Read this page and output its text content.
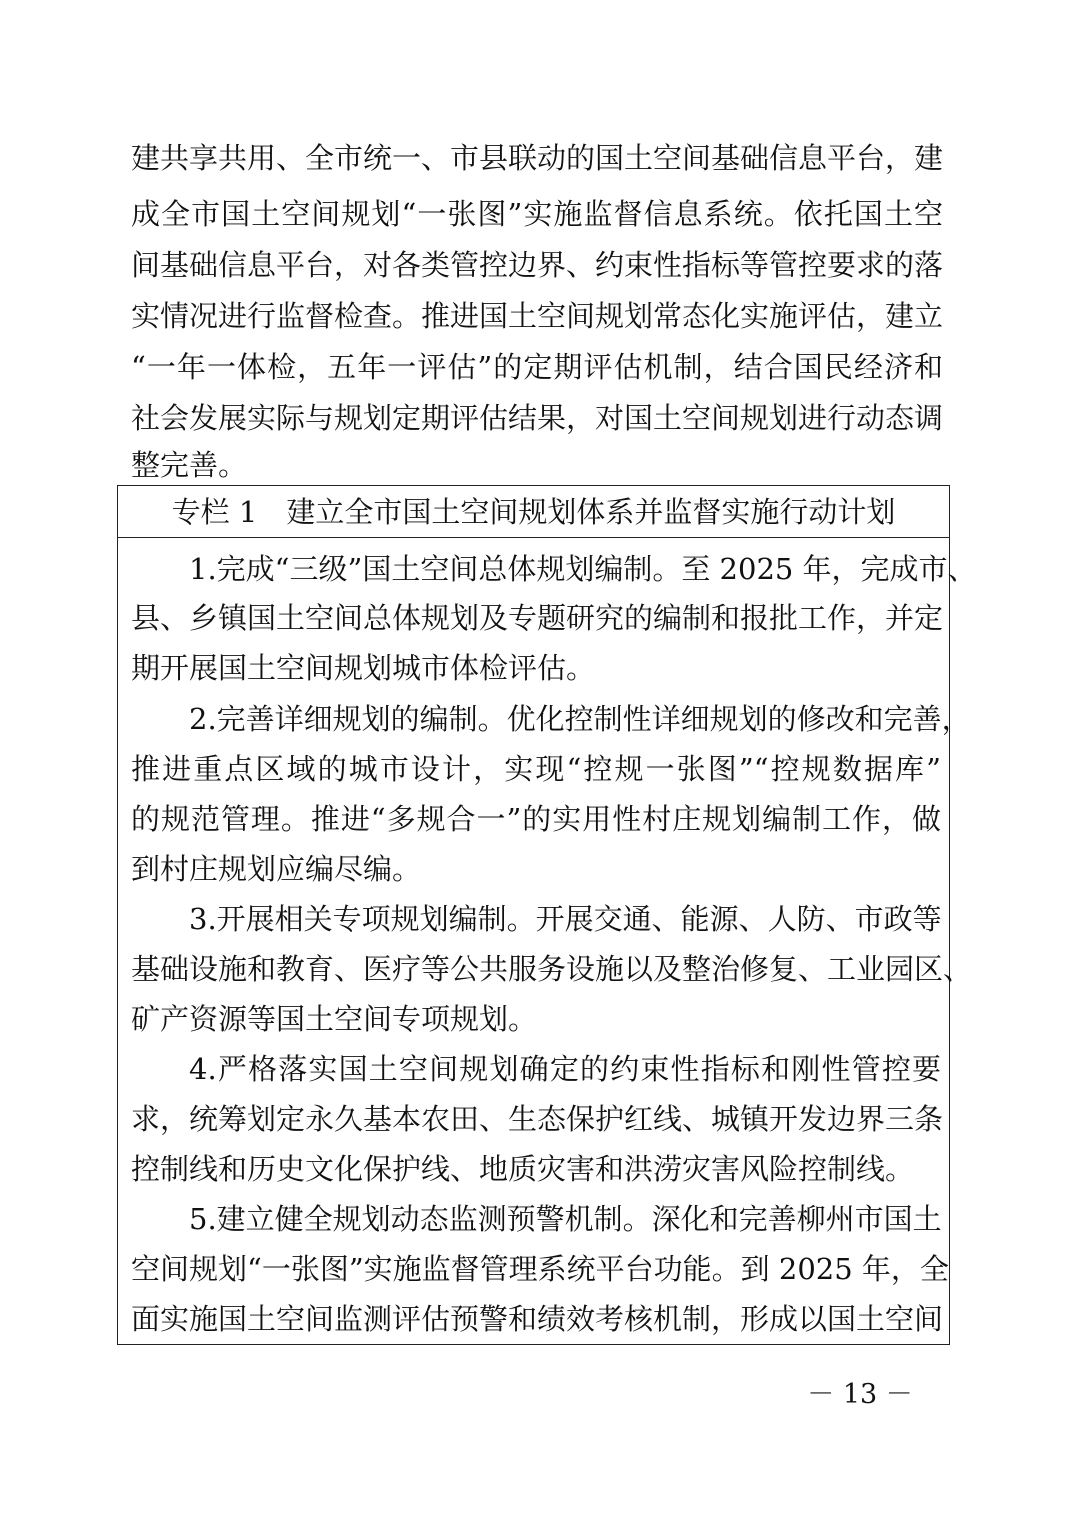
建共享共用、全市统一、市县联动的国土空间基础信息平台，建
成全市国土空间规划“一张图”实施监督信息系统。依托国土空
间基础信息平台，对各类管控边界、约束性指标等管控要求的落
实情况进行监督检查。推进国土空间规划常态化实施评估，建立
“一年一体检，五年一评估”的定期评估机制，结合国民经济和
社会发展实际与规划定期评估结果，对国土空间规划进行动态调
整完善。
专栏 1　建立全市国土空间规划体系并监督实施行动计划
1.完成“三级”国土空间总体规划编制。至 2025 年，完成市、
县、乡镇国土空间总体规划及专题研究的编制和报批工作，并定
期开展国土空间规划城市体检评估。
2.完善详细规划的编制。优化控制性详细规划的修改和完善，
推进重点区域的城市设计，实现“控规一张图”“控规数据库”
的规范管理。推进“多规合一”的实用性村庄规划编制工作，做
到村庄规划应编尽编。
3.开展相关专项规划编制。开展交通、能源、人防、市政等
基础设施和教育、医疗等公共服务设施以及整治修复、工业园区、
矿产资源等国土空间专项规划。
4.严格落实国土空间规划确定的约束性指标和刚性管控要
求，统筹划定永久基本农田、生态保护红线、城镇开发边界三条
控制线和历史文化保护线、地质灾害和洪涝灾害风险控制线。
5.建立健全规划动态监测预警机制。深化和完善柳州市国土
空间规划“一张图”实施监督管理系统平台功能。到 2025 年，全
面实施国土空间监测评估预警和绩效考核机制，形成以国土空间
－ 13 －
